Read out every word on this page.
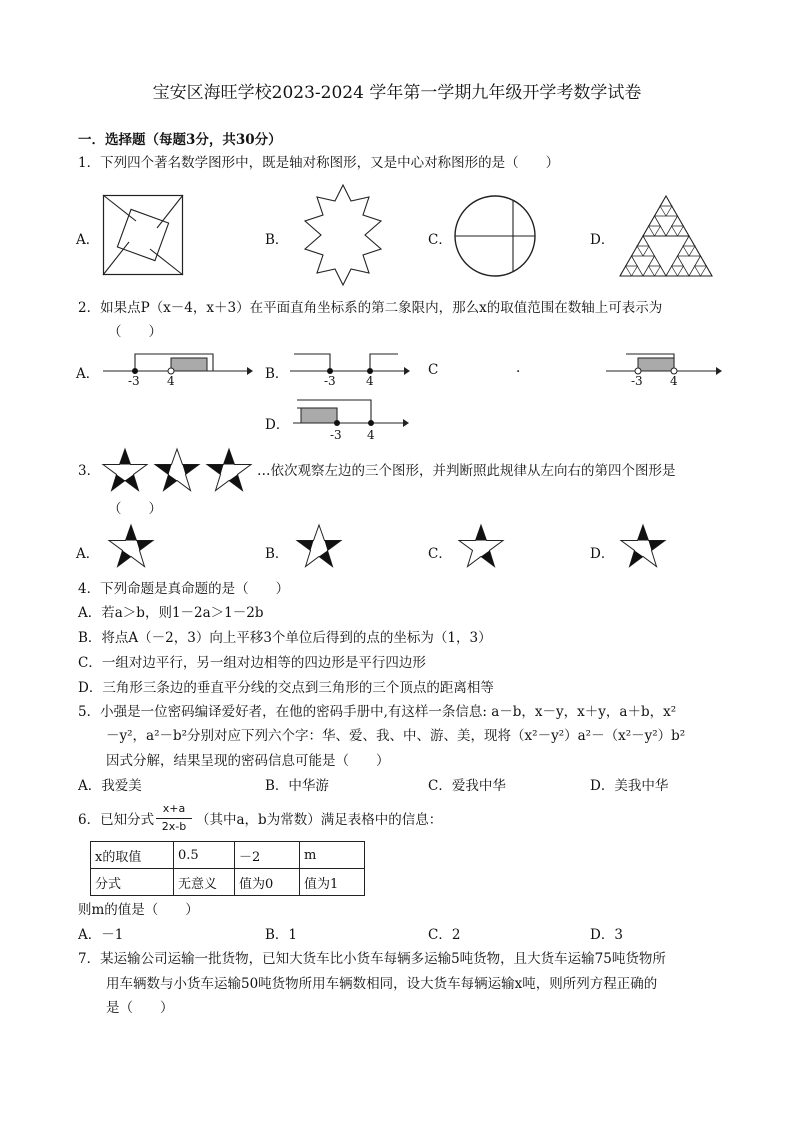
宝安区海旺学校2023-2024 学年第一学期九年级开学考数学试卷
一．选择题（每题3分，共30分）
1．下列四个著名数学图形中，既是轴对称图形，又是中心对称图形的是（　　）
A．	B．	C．	D．
2．如果点P（x－4，x＋3）在平面直角坐标系的第二象限内，那么x的取值范围在数轴上可表示为
（　　）
A． -3 4	B．	-3	4
C	.
-3 4
D．
-3 4
3．	…依次观察左边的三个图形，并判断照此规律从左向右的第四个图形是
（　　）
A．	B．	C．	D．
4．下列命题是真命题的是（　　）
A．若a＞b，则1－2a＞1－2b
B．将点A（－2，3）向上平移3个单位后得到的点的坐标为（1，3）
C．一组对边平行，另一组对边相等的四边形是平行四边形
D．三角形三条边的垂直平分线的交点到三角形的三个顶点的距离相等
5．小强是一位密码编译爱好者，在他的密码手册中,有这样一条信息: a－b，x－y，x＋y，a＋b，x²
－y²，a²－b²分别对应下列六个字：华、爱、我、中、游、美，现将（x²－y²）a²－（x²－y²）b²
因式分解，结果呈现的密码信息可能是（　　）
A．我爱美	B．中华游	C．爱我中华	D．美我中华
6．已知分式
x+a
2x-b （其中a，b为常数）满足表格中的信息：
x的取值	0.5	－2	m
分式	无意义	值为0	值为1
则m的值是（　　）
A．－1	B．1	C．2	D．3
7．某运输公司运输一批货物，已知大货车比小货车每辆多运输5吨货物，且大货车运输75吨货物所
用车辆数与小货车运输50吨货物所用车辆数相同，设大货车每辆运输x吨，则所列方程正确的
是（　　）
